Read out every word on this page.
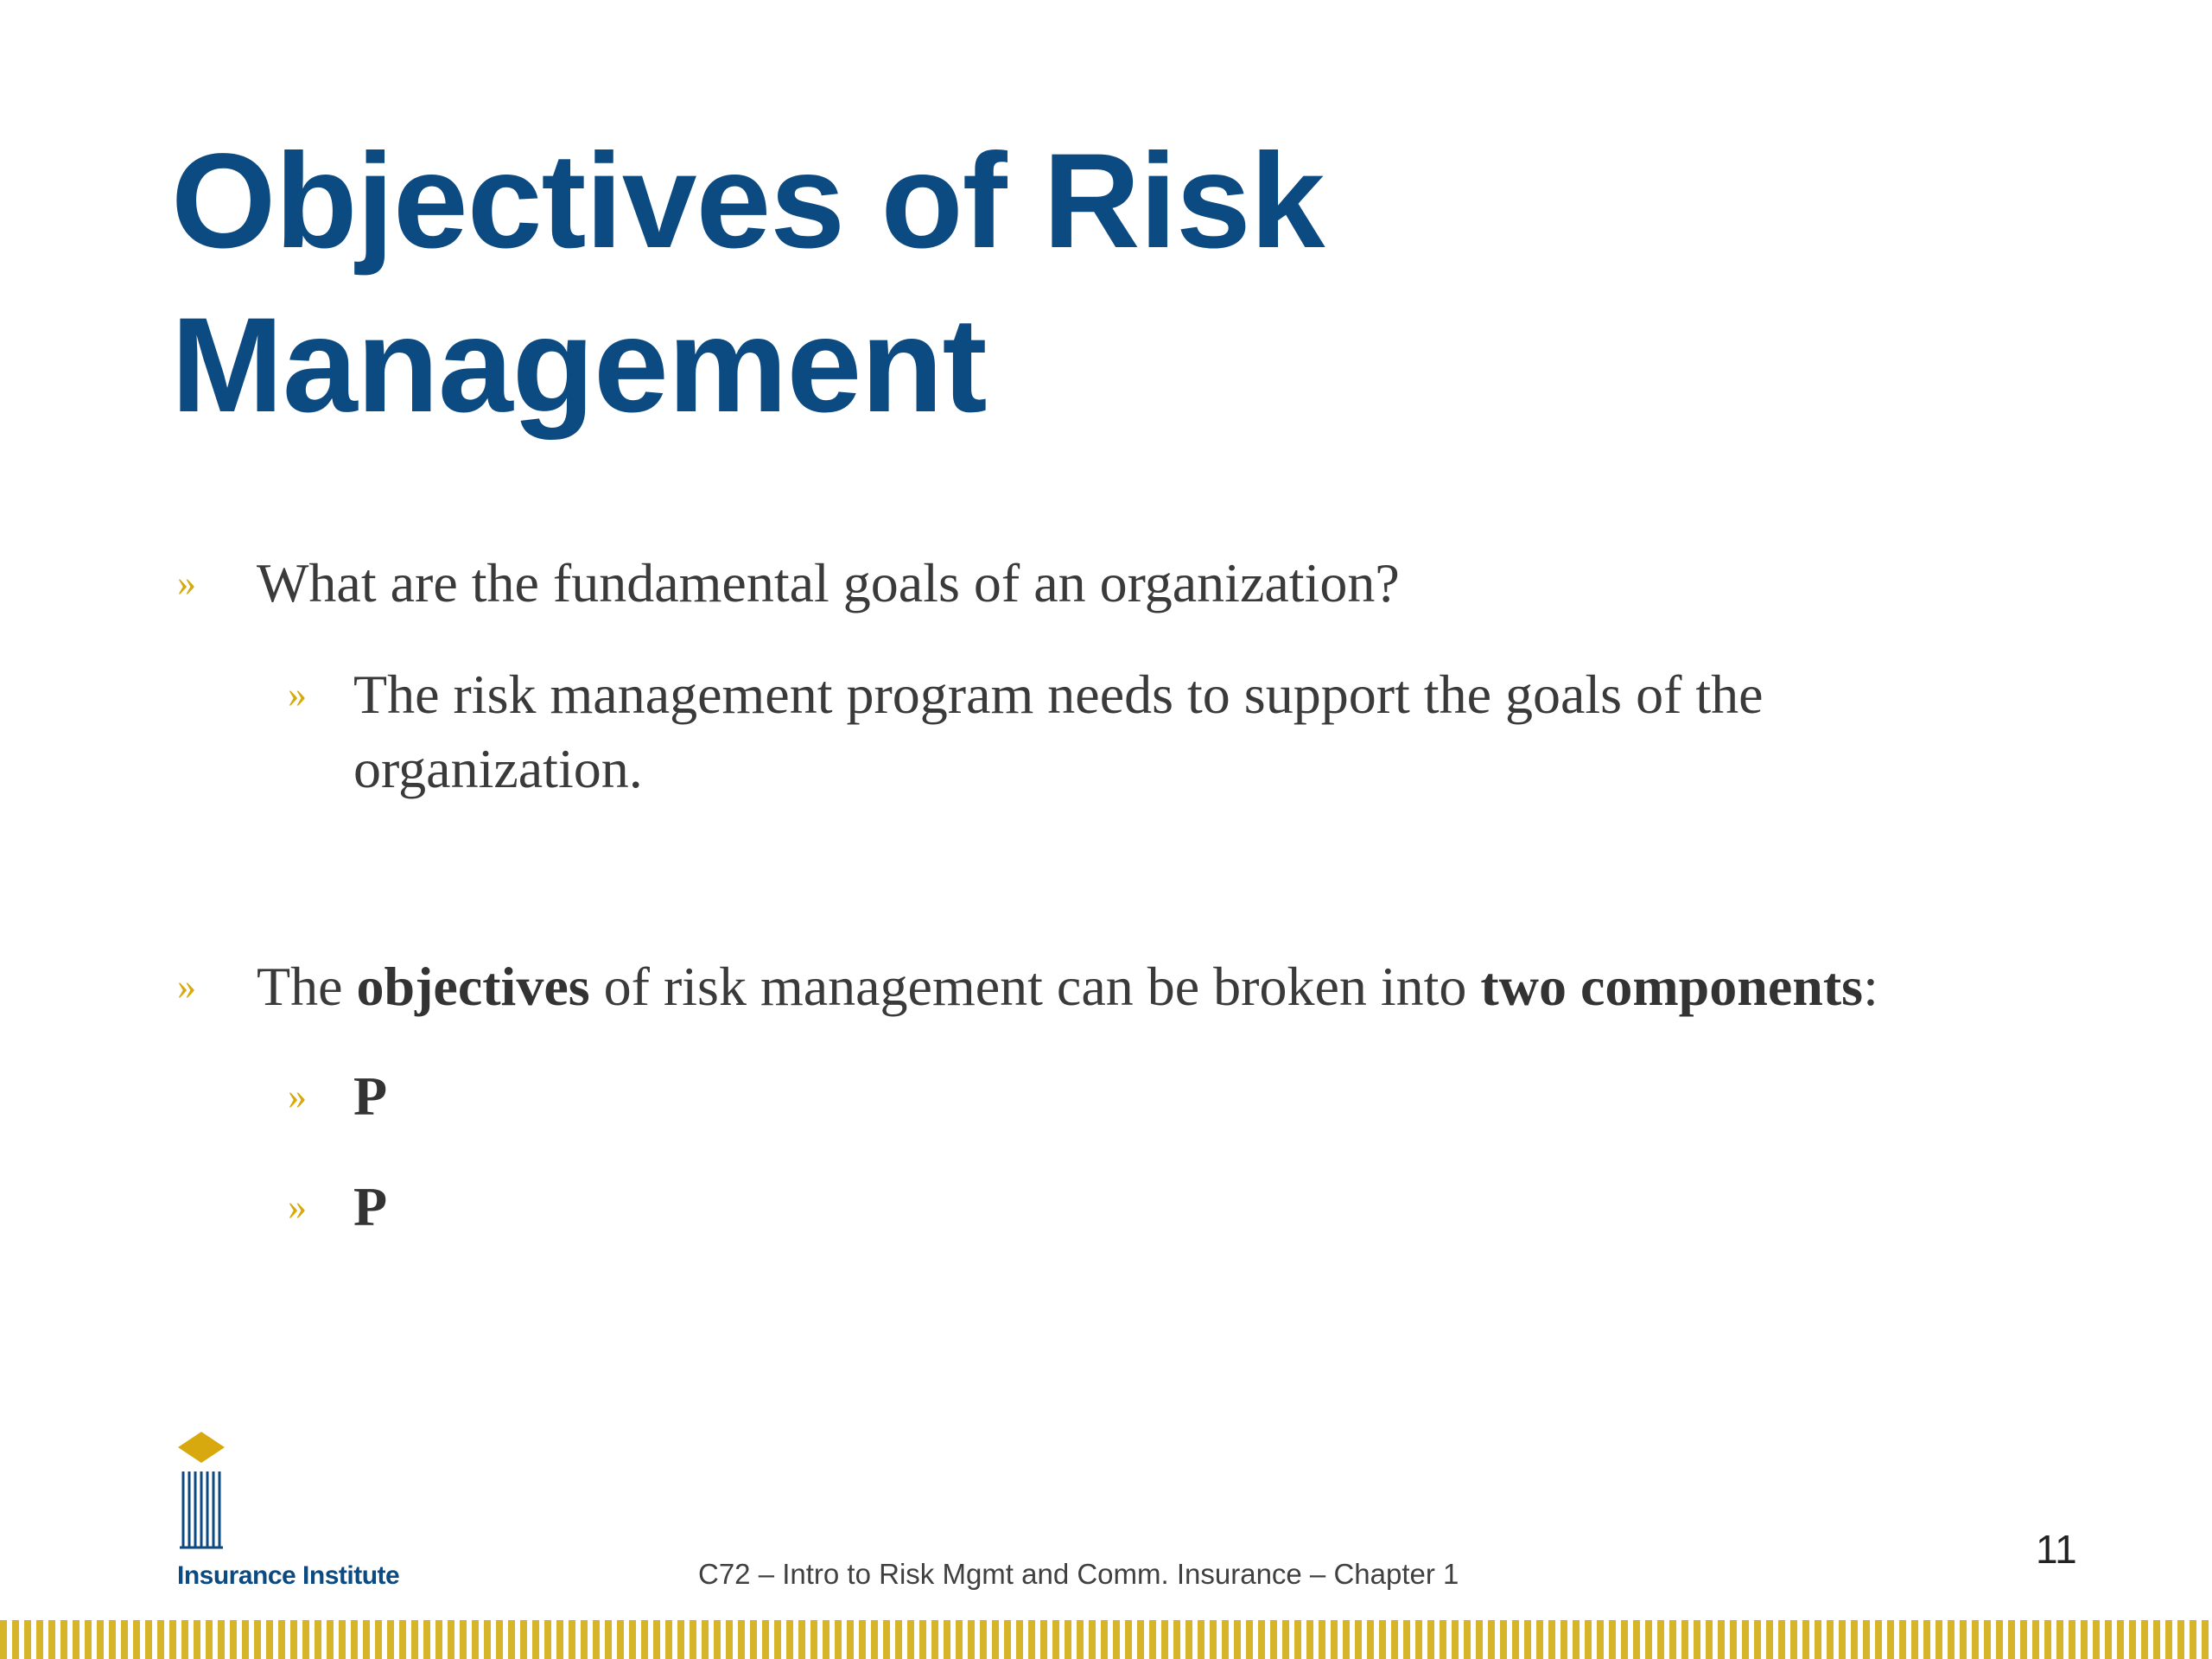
Objectives of Risk
Management
» What are the fundamental goals of an organization?
» The risk management program needs to support the goals of the
organization.
» The objectives of risk management can be broken into two components:
» P
» P
Insurance Institute	C72 – Intro to Risk Mgmt and Comm. Insurance – Chapter 1
11
